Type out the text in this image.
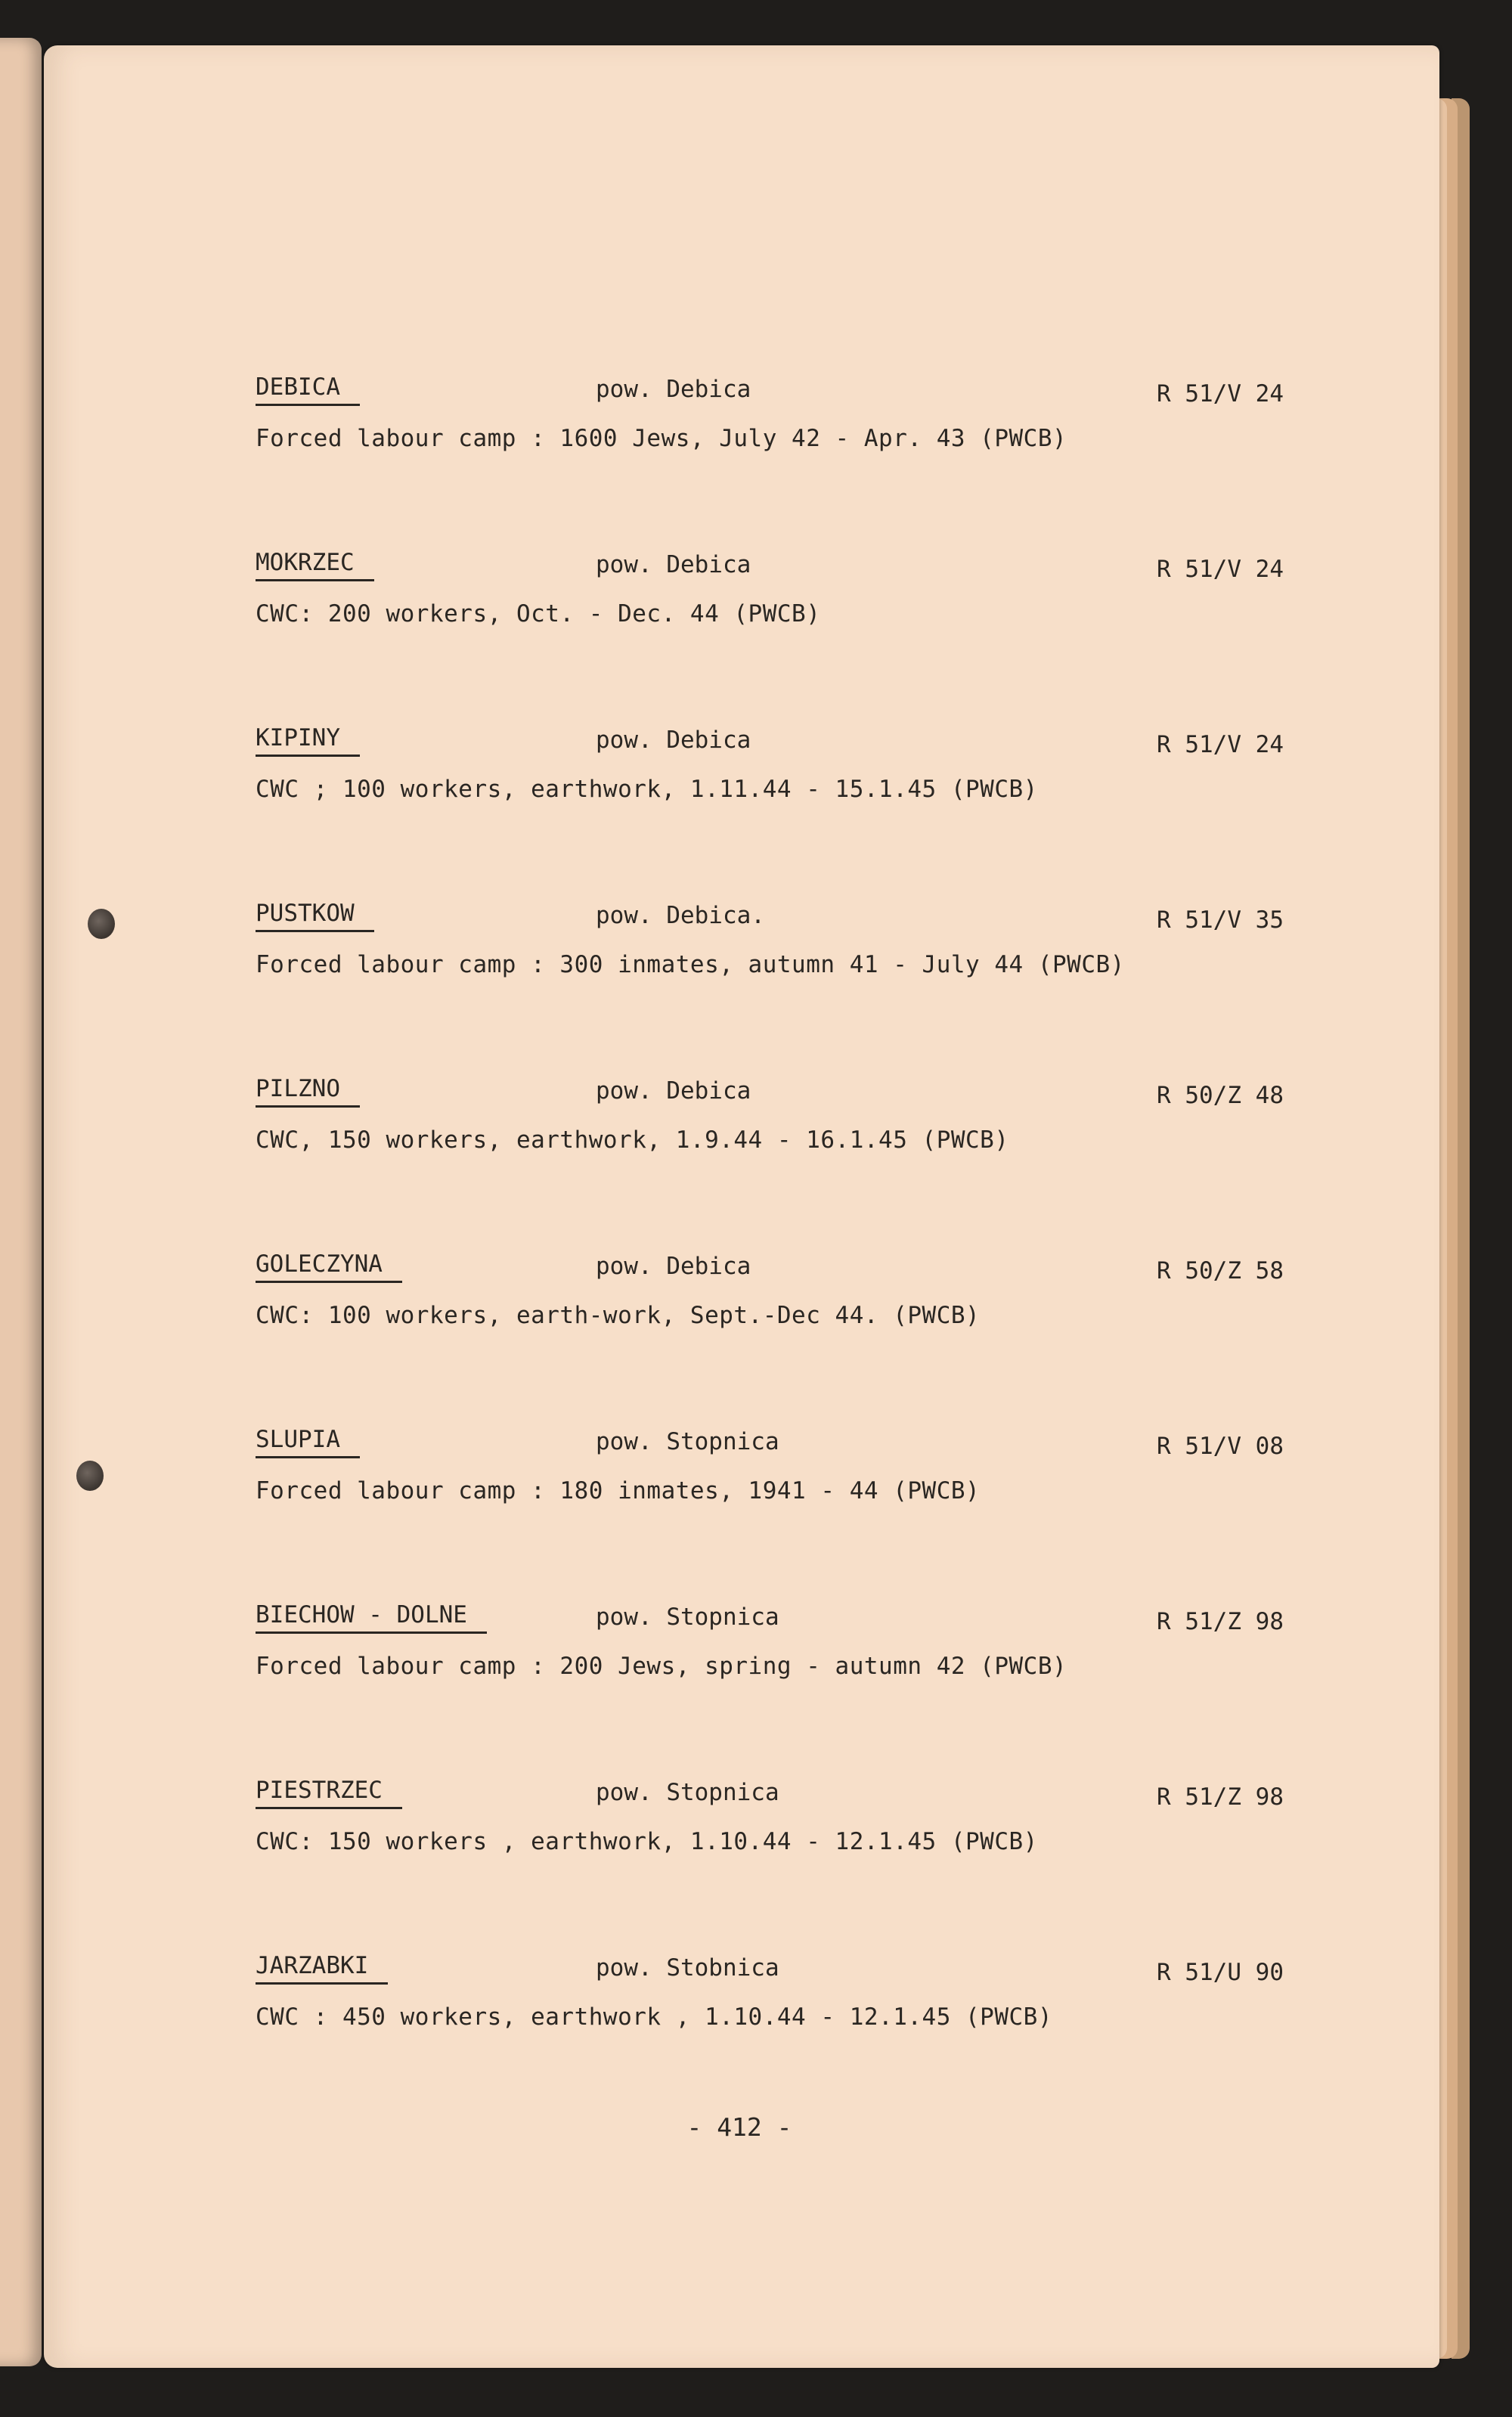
DEBICA	pow. Debica	R 51/V 24
Forced labour camp : 1600 Jews, July 42 - Apr. 43 (PWCB)
MOKRZEC	pow. Debica	R 51/V 24
CWC: 200 workers, Oct. - Dec. 44 (PWCB)
KIPINY	pow. Debica	R 51/V 24
CWC ; 100 workers, earthwork, 1.11.44 - 15.1.45 (PWCB)
PUSTKOW	pow. Debica.	R 51/V 35
Forced labour camp : 300 inmates, autumn 41 - July 44 (PWCB)
PILZNO	pow. Debica	R 50/Z 48
CWC, 150 workers, earthwork, 1.9.44 - 16.1.45 (PWCB)
GOLECZYNA	pow. Debica	R 50/Z 58
CWC: 100 workers, earth-work, Sept.-Dec 44. (PWCB)
SLUPIA	pow. Stopnica	R 51/V 08
Forced labour camp : 180 inmates, 1941 - 44 (PWCB)
BIECHOW - DOLNE	pow. Stopnica	R 51/Z 98
Forced labour camp : 200 Jews, spring - autumn 42 (PWCB)
PIESTRZEC	pow. Stopnica	R 51/Z 98
CWC: 150 workers , earthwork, 1.10.44 - 12.1.45 (PWCB)
JARZABKI	pow. Stobnica	R 51/U 90
CWC : 450 workers, earthwork , 1.10.44 - 12.1.45 (PWCB)
- 412 -
